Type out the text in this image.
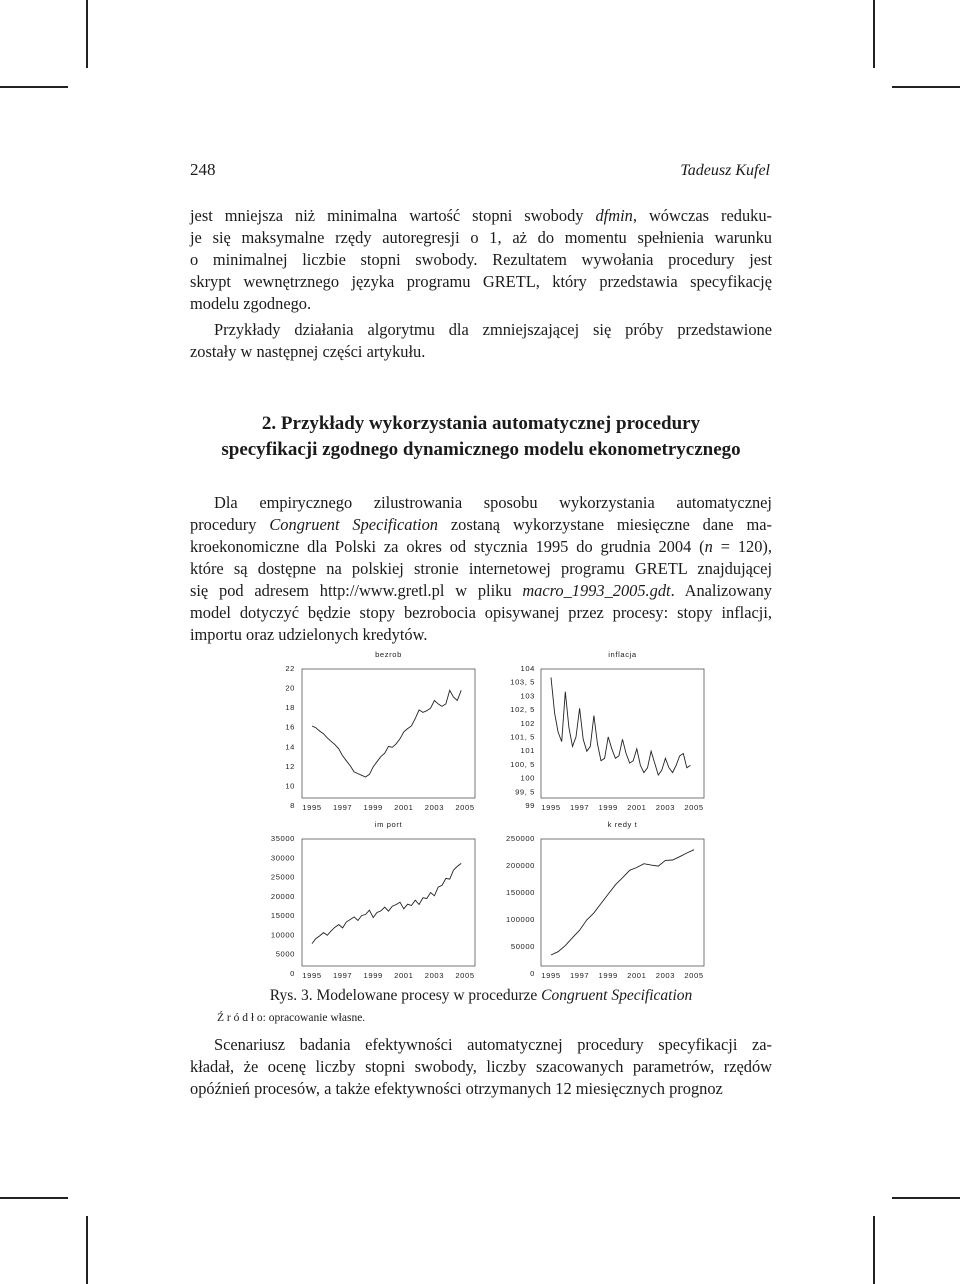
248	Tadeusz Kufel
jest mniejsza niż minimalna wartość stopni swobody dfmin, wówczas reduku-
je się maksymalne rzędy autoregresji o 1, aż do momentu spełnienia warunku
o minimalnej liczbie stopni swobody. Rezultatem wywołania procedury jest
skrypt wewnętrznego języka programu GRETL, który przedstawia specyfikację
modelu zgodnego.
Przykłady działania algorytmu dla zmniejszającej się próby przedstawione
zostały w następnej części artykułu.
2. Przykłady wykorzystania automatycznej procedury
specyfikacji zgodnego dynamicznego modelu ekonometrycznego
Dla empirycznego zilustrowania sposobu wykorzystania automatycznej
procedury Congruent Specification zostaną wykorzystane miesięczne dane ma-
kroekonomiczne dla Polski za okres od stycznia 1995 do grudnia 2004 (n = 120),
które są dostępne na polskiej stronie internetowej programu GRETL znajdującej
się pod adresem http://www.gretl.pl w pliku macro_1993_2005.gdt. Analizowany
model dotyczyć będzie stopy bezrobocia opisywanej przez procesy: stopy inflacji,
importu oraz udzielonych kredytów.
bezrob
22
20
18
16
14
12
10
8 1995 1997 1999 2001 2003 2005
inflacja
104
103, 5
103
102, 5
102
101, 5
101
100, 5
100
99, 5
99 1995 1997 1999 2001 2003 2005
im port
35000
30000
25000
20000
15000
10000
5000
0 1995 1997 1999 2001 2003 2005
k redy t
250000
200000
150000
100000
50000
0 1995 1997 1999 2001 2003 2005
Rys. 3. Modelowane procesy w procedurze Congruent Specification
Ź r ó d ł o: opracowanie własne.
Scenariusz badania efektywności automatycznej procedury specyfikacji za-
kładał, że ocenę liczby stopni swobody, liczby szacowanych parametrów, rzędów
opóźnień procesów, a także efektywności otrzymanych 12 miesięcznych prognoz
